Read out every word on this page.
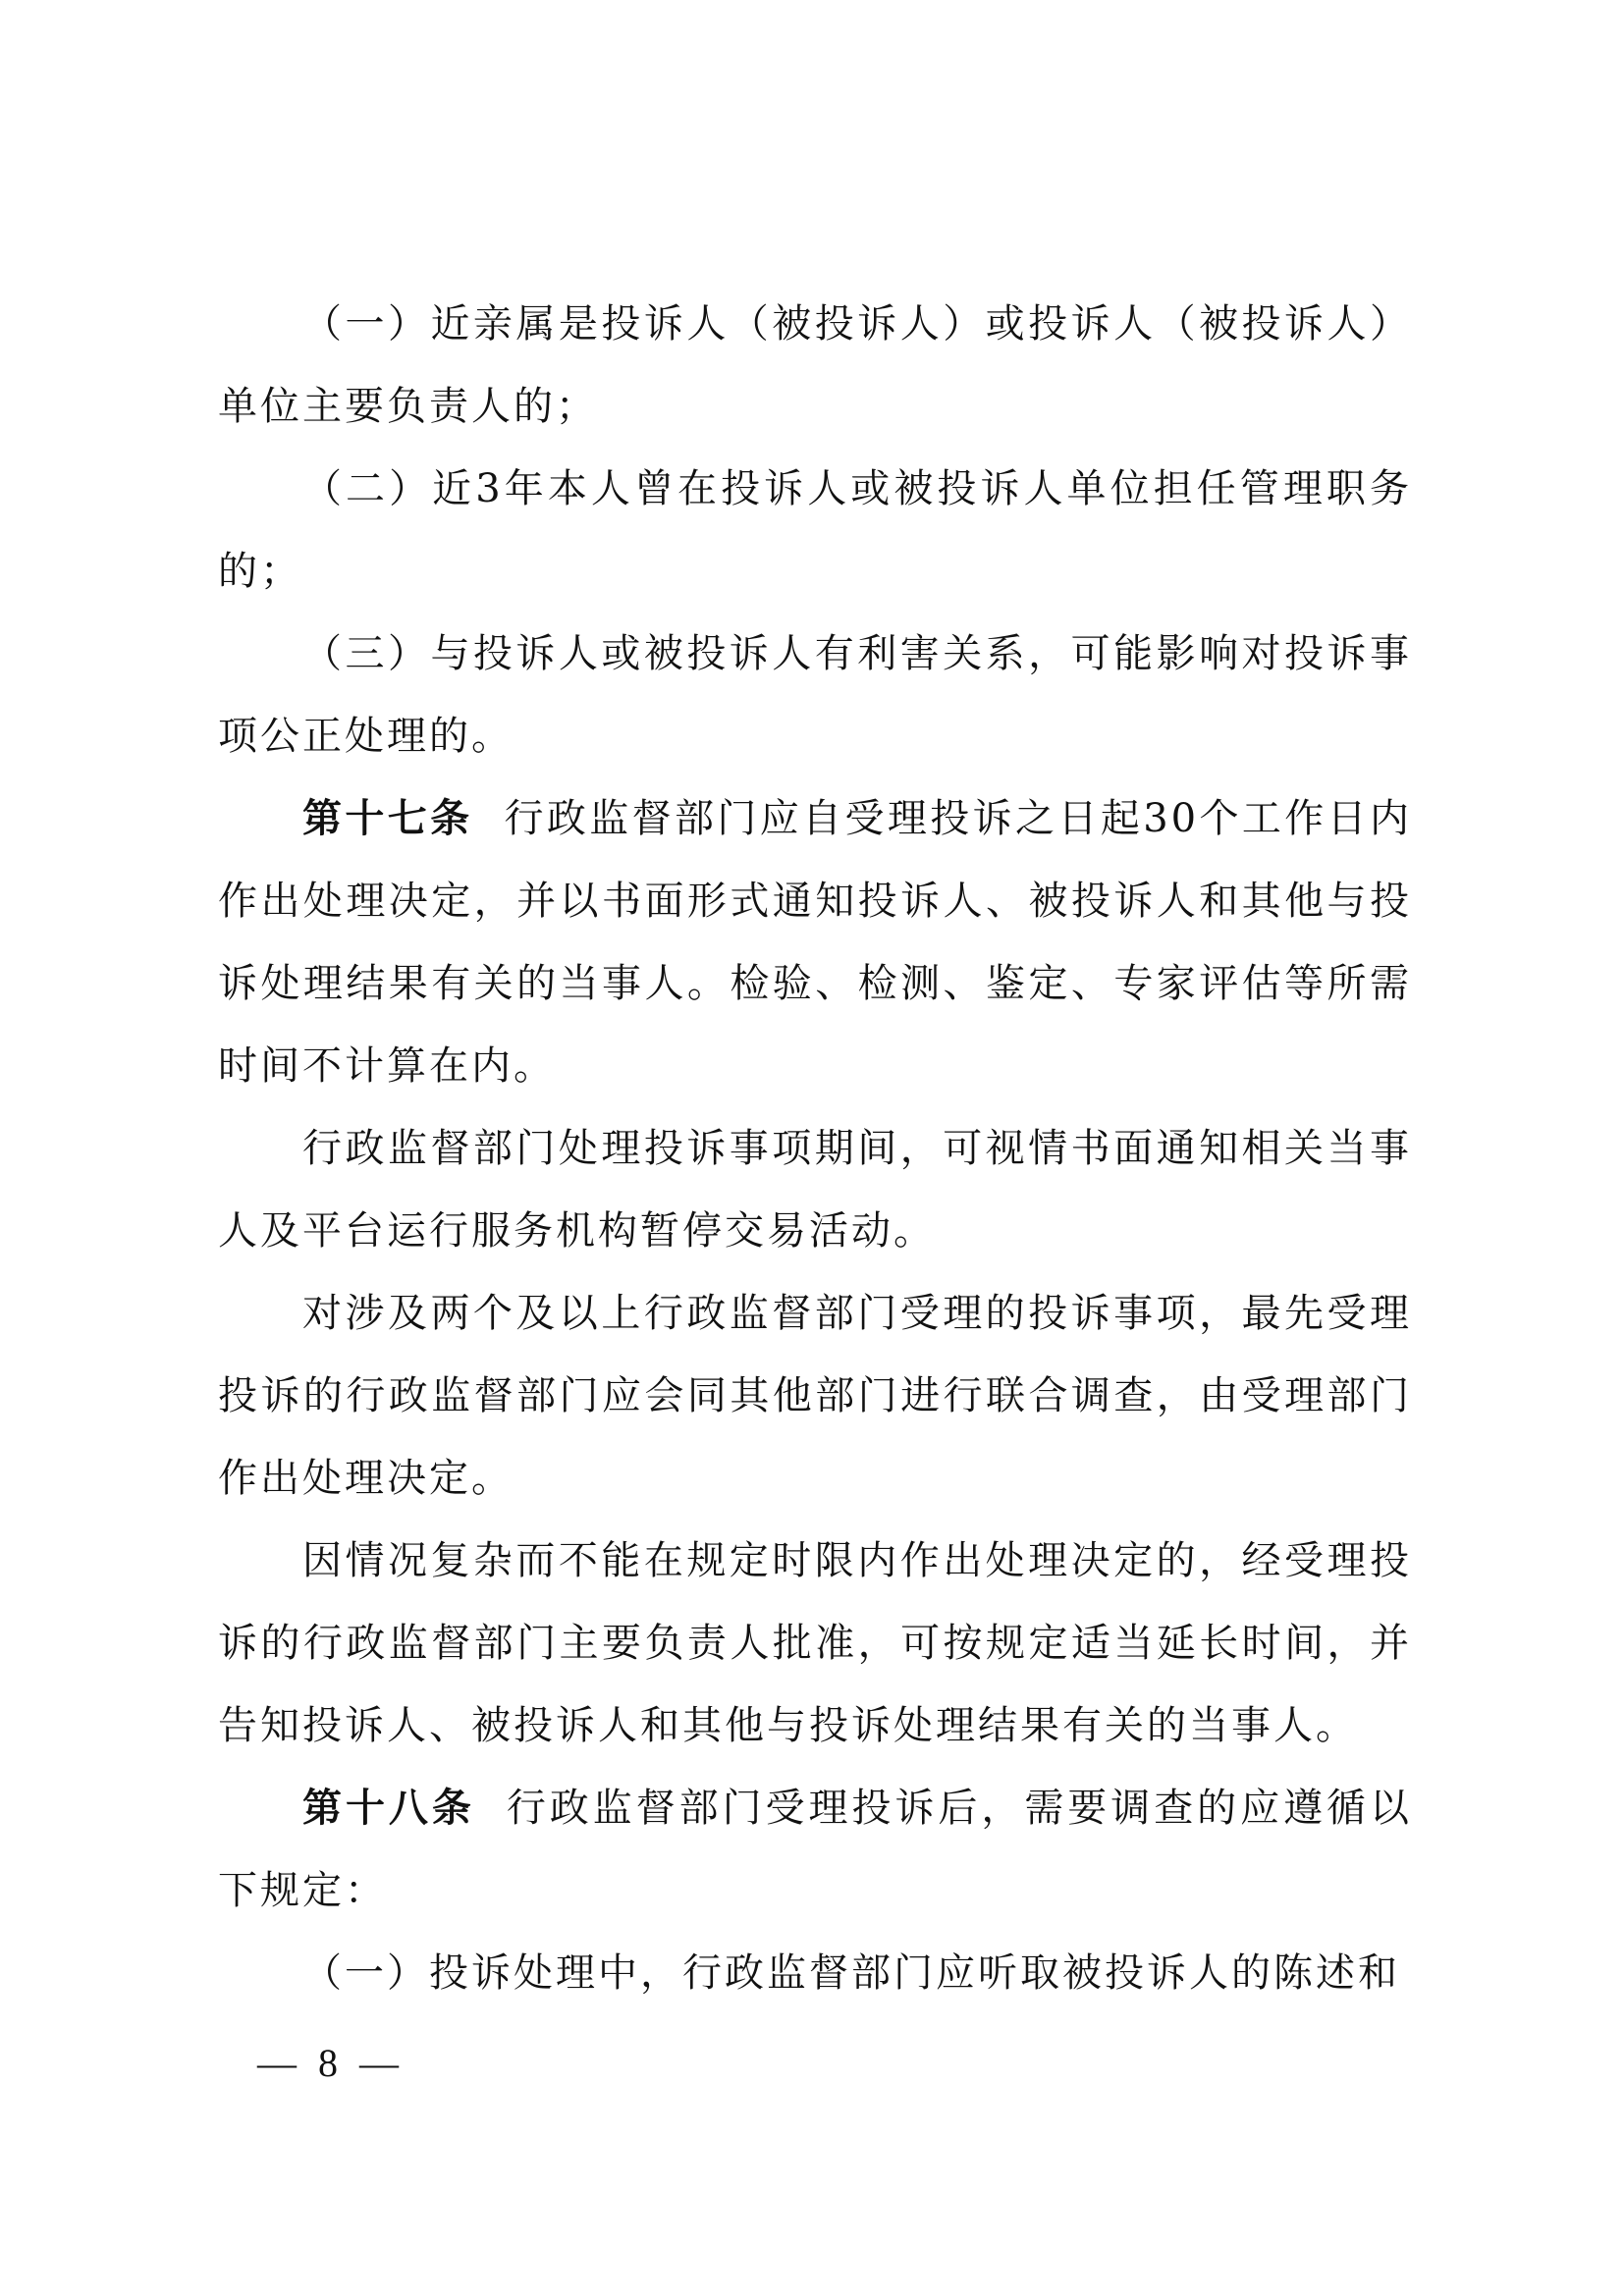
（一）近亲属是投诉人（被投诉人）或投诉人（被投诉人）单位主要负责人的；

（二）近3年本人曾在投诉人或被投诉人单位担任管理职务的；

（三）与投诉人或被投诉人有利害关系，可能影响对投诉事项公正处理的。

第十七条 行政监督部门应自受理投诉之日起30个工作日内作出处理决定，并以书面形式通知投诉人、被投诉人和其他与投诉处理结果有关的当事人。检验、检测、鉴定、专家评估等所需时间不计算在内。

行政监督部门处理投诉事项期间，可视情书面通知相关当事人及平台运行服务机构暂停交易活动。

对涉及两个及以上行政监督部门受理的投诉事项，最先受理投诉的行政监督部门应会同其他部门进行联合调查，由受理部门作出处理决定。

因情况复杂而不能在规定时限内作出处理决定的，经受理投诉的行政监督部门主要负责人批准，可按规定适当延长时间，并告知投诉人、被投诉人和其他与投诉处理结果有关的当事人。

第十八条 行政监督部门受理投诉后，需要调查的应遵循以下规定：

（一）投诉处理中，行政监督部门应听取被投诉人的陈述和

— 8 —
